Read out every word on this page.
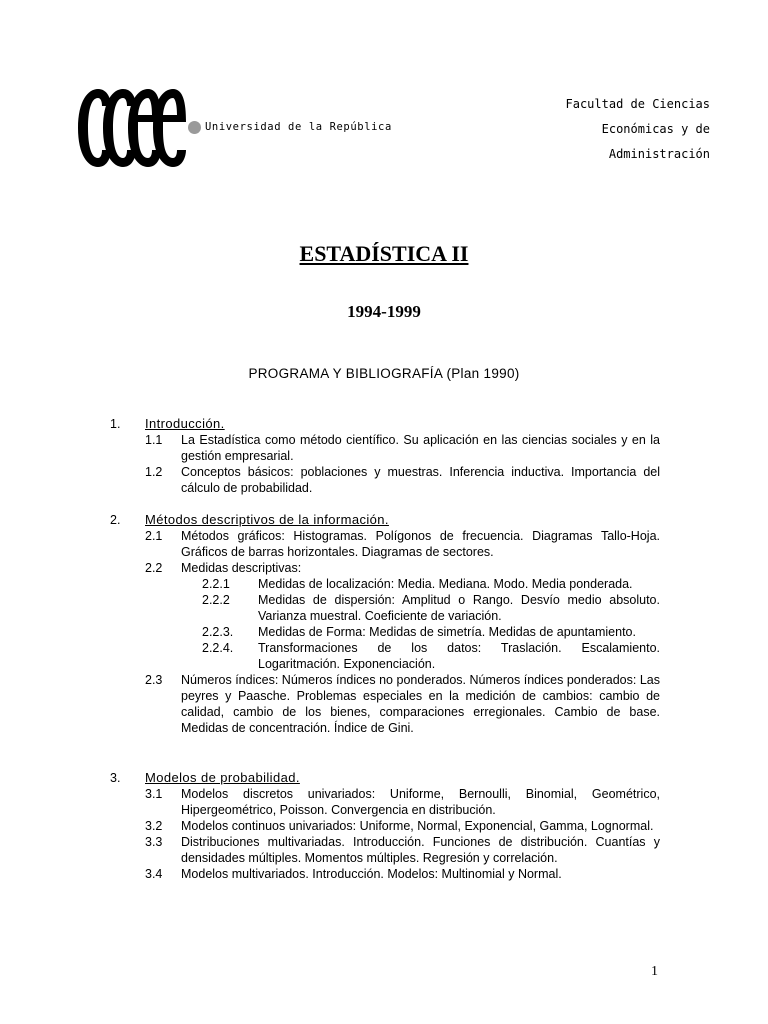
Universidad de la República
Facultad de Ciencias
Económicas y de
Administración
ESTADÍSTICA II
1994-1999
PROGRAMA Y BIBLIOGRAFÍA (Plan 1990)
1. Introducción.
1.1 La Estadística como método científico. Su aplicación en las ciencias sociales y en la gestión empresarial.
1.2 Conceptos básicos: poblaciones y muestras. Inferencia inductiva. Importancia del cálculo de probabilidad.
2. Métodos descriptivos de la información.
2.1 Métodos gráficos: Histogramas. Polígonos de frecuencia. Diagramas Tallo-Hoja. Gráficos de barras horizontales. Diagramas de sectores.
2.2 Medidas descriptivas:
2.2.1 Medidas de localización: Media. Mediana. Modo. Media ponderada.
2.2.2 Medidas de dispersión: Amplitud o Rango. Desvío medio absoluto. Varianza muestral. Coeficiente de variación.
2.2.3. Medidas de Forma: Medidas de simetría. Medidas de apuntamiento.
2.2.4. Transformaciones de los datos: Traslación. Escalamiento. Logaritmación. Exponenciación.
2.3 Números índices: Números índices no ponderados. Números índices ponderados: Las peyres y Paasche. Problemas especiales en la medición de cambios: cambio de calidad, cambio de los bienes, comparaciones erregionales. Cambio de base. Medidas de concentración. Índice de Gini.
3. Modelos de probabilidad.
3.1 Modelos discretos univariados: Uniforme, Bernoulli, Binomial, Geométrico, Hipergeométrico, Poisson. Convergencia en distribución.
3.2 Modelos continuos univariados: Uniforme, Normal, Exponencial, Gamma, Lognormal.
3.3 Distribuciones multivariadas. Introducción. Funciones de distribución. Cuantías y densidades múltiples. Momentos múltiples. Regresión y correlación.
3.4 Modelos multivariados. Introducción. Modelos: Multinomial y Normal.
1
